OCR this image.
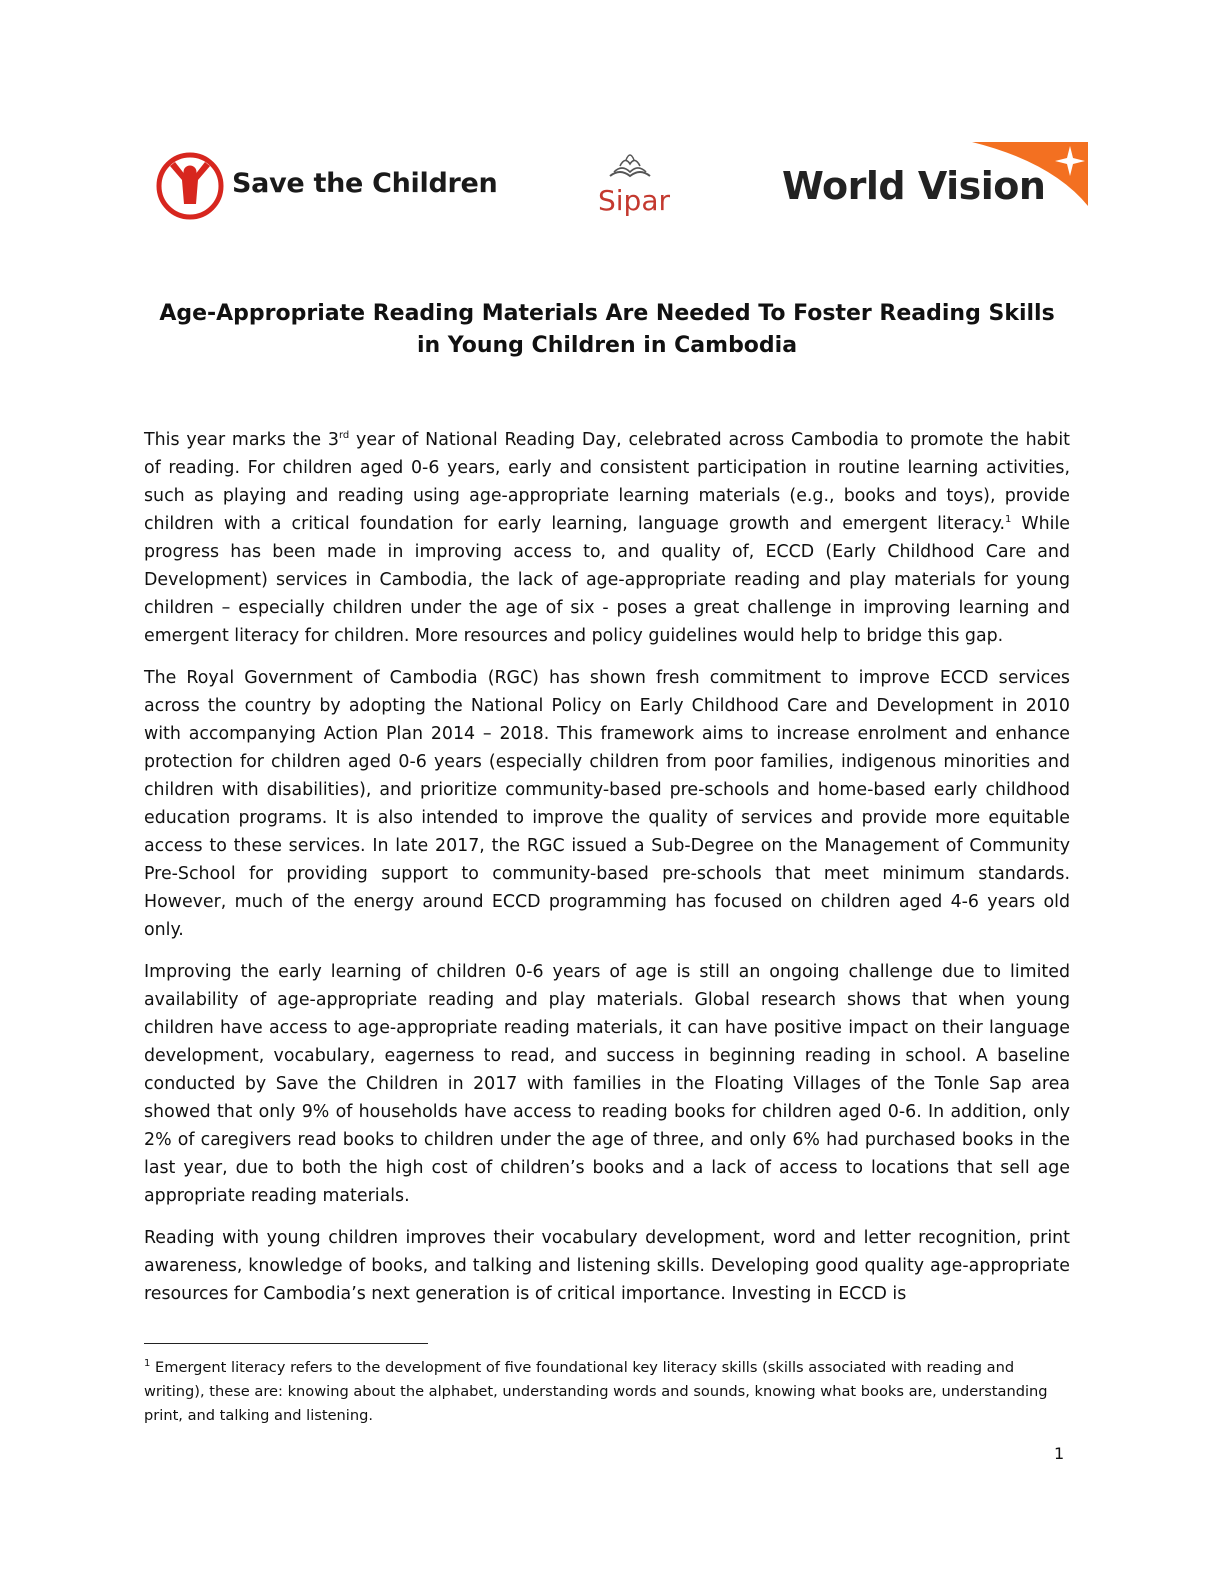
Save the Children
Sipar	World Vision
Age-Appropriate Reading Materials Are Needed To Foster Reading Skills in Young Children in Cambodia

This year marks the 3rd year of National Reading Day, celebrated across Cambodia to promote the habit of reading. For children aged 0-6 years, early and consistent participation in routine learning activities, such as playing and reading using age-appropriate learning materials (e.g., books and toys), provide children with a critical foundation for early learning, language growth and emergent literacy.$^1$ While progress has been made in improving access to, and quality of, ECCD (Early Childhood Care and Development) services in Cambodia, the lack of age-appropriate reading and play materials for young children – especially children under the age of six - poses a great challenge in improving learning and emergent literacy for children. More resources and policy guidelines would help to bridge this gap.

The Royal Government of Cambodia (RGC) has shown fresh commitment to improve ECCD services across the country by adopting the National Policy on Early Childhood Care and Development in 2010 with accompanying Action Plan 2014 – 2018. This framework aims to increase enrolment and enhance protection for children aged 0-6 years (especially children from poor families, indigenous minorities and children with disabilities), and prioritize community-based pre-schools and home-based early childhood education programs. It is also intended to improve the quality of services and provide more equitable access to these services. In late 2017, the RGC issued a Sub-Degree on the Management of Community Pre-School for providing support to community-based pre-schools that meet minimum standards. However, much of the energy around ECCD programming has focused on children aged 4-6 years old only.

Improving the early learning of children 0-6 years of age is still an ongoing challenge due to limited availability of age-appropriate reading and play materials. Global research shows that when young children have access to age-appropriate reading materials, it can have positive impact on their language development, vocabulary, eagerness to read, and success in beginning reading in school. A baseline conducted by Save the Children in 2017 with families in the Floating Villages of the Tonle Sap area showed that only 9% of households have access to reading books for children aged 0-6. In addition, only 2% of caregivers read books to children under the age of three, and only 6% had purchased books in the last year, due to both the high cost of children’s books and a lack of access to locations that sell age appropriate reading materials.

Reading with young children improves their vocabulary development, word and letter recognition, print awareness, knowledge of books, and talking and listening skills. Developing good quality age-appropriate resources for Cambodia’s next generation is of critical importance. Investing in ECCD is

$^1$ Emergent literacy refers to the development of five foundational key literacy skills (skills associated with reading and writing), these are: knowing about the alphabet, understanding words and sounds, knowing what books are, understanding print, and talking and listening.
1
